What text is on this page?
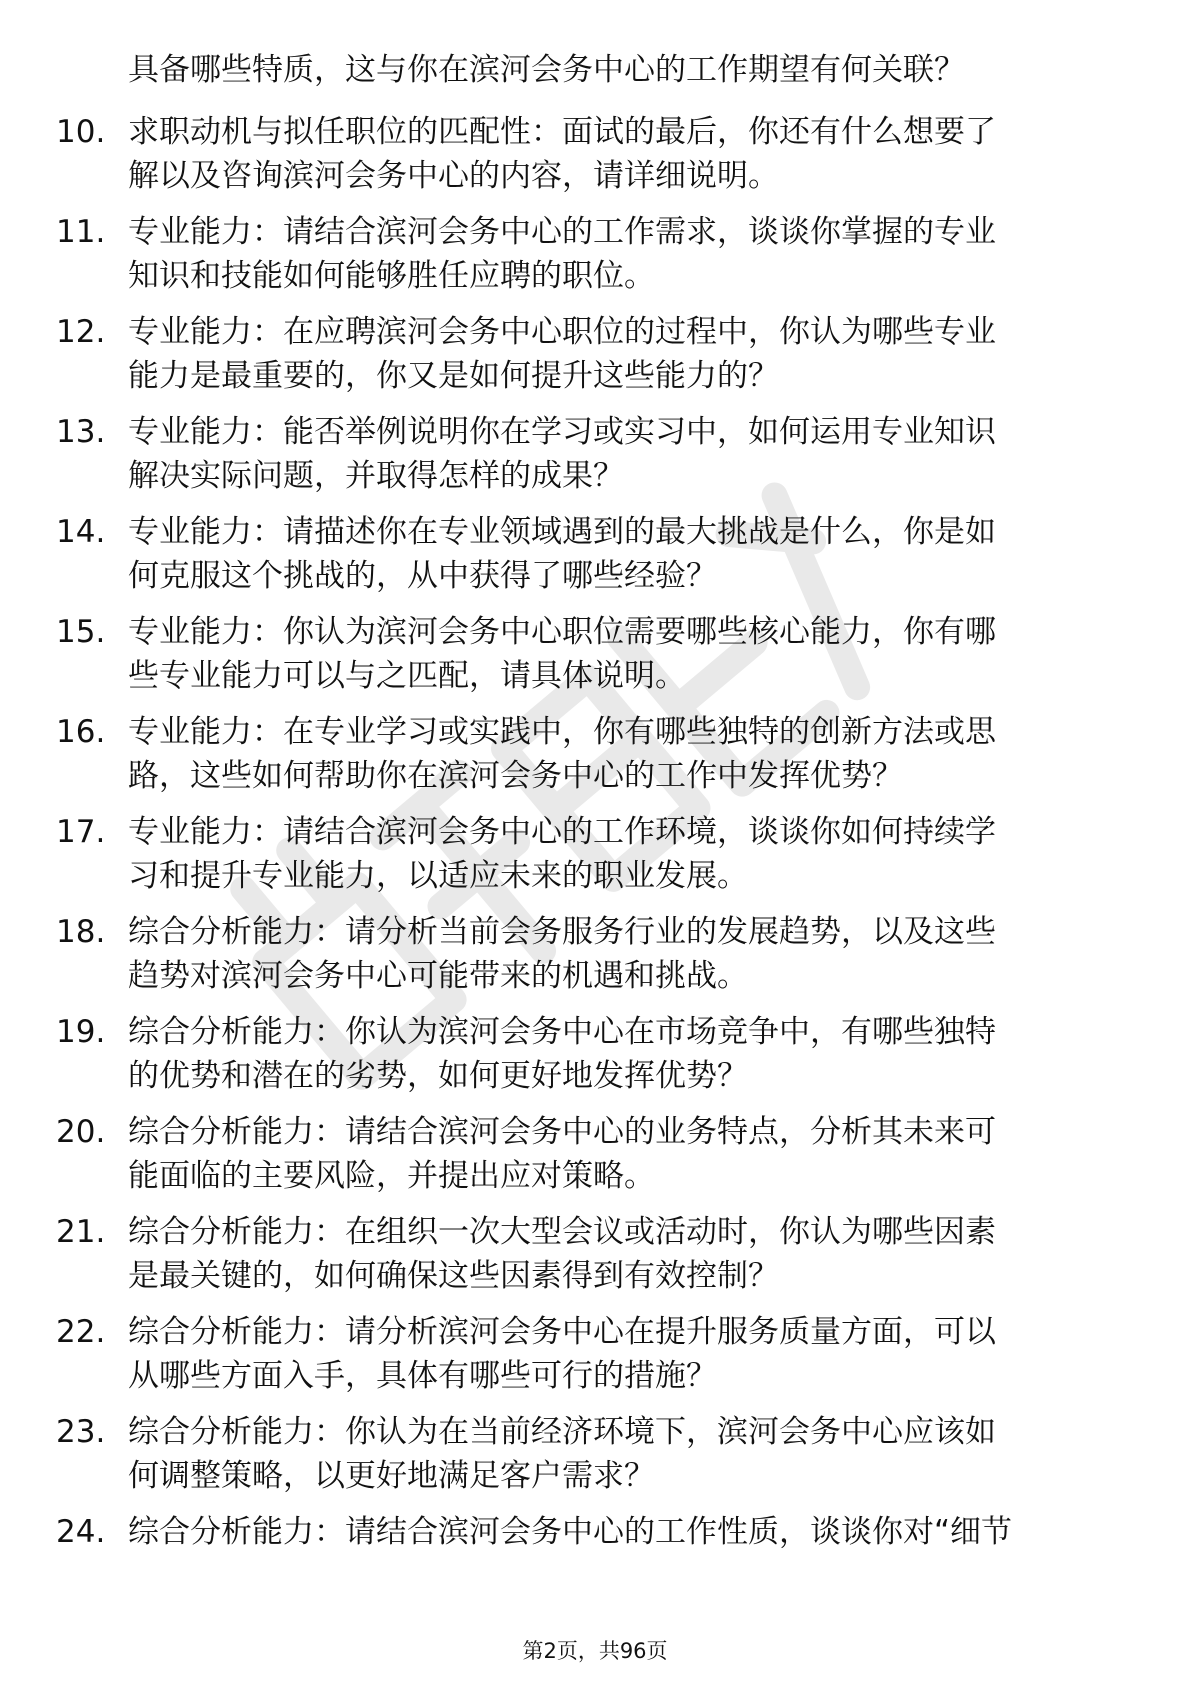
具备哪些特质，这与你在滨河会务中心的工作期望有何关联？

10. 求职动机与拟任职位的匹配性：面试的最后，你还有什么想要了
解以及咨询滨河会务中心的内容，请详细说明。
11. 专业能力：请结合滨河会务中心的工作需求，谈谈你掌握的专业
知识和技能如何能够胜任应聘的职位。
12. 专业能力：在应聘滨河会务中心职位的过程中，你认为哪些专业
能力是最重要的，你又是如何提升这些能力的？
13. 专业能力：能否举例说明你在学习或实习中，如何运用专业知识
解决实际问题，并取得怎样的成果？
14. 专业能力：请描述你在专业领域遇到的最大挑战是什么，你是如
何克服这个挑战的，从中获得了哪些经验？
15. 专业能力：你认为滨河会务中心职位需要哪些核心能力，你有哪
些专业能力可以与之匹配，请具体说明。
16. 专业能力：在专业学习或实践中，你有哪些独特的创新方法或思
路，这些如何帮助你在滨河会务中心的工作中发挥优势？
17. 专业能力：请结合滨河会务中心的工作环境，谈谈你如何持续学
习和提升专业能力，以适应未来的职业发展。
18. 综合分析能力：请分析当前会务服务行业的发展趋势，以及这些
趋势对滨河会务中心可能带来的机遇和挑战。
19. 综合分析能力：你认为滨河会务中心在市场竞争中，有哪些独特
的优势和潜在的劣势，如何更好地发挥优势？
20. 综合分析能力：请结合滨河会务中心的业务特点，分析其未来可
能面临的主要风险，并提出应对策略。
21. 综合分析能力：在组织一次大型会议或活动时，你认为哪些因素
是最关键的，如何确保这些因素得到有效控制？
22. 综合分析能力：请分析滨河会务中心在提升服务质量方面，可以
从哪些方面入手，具体有哪些可行的措施？
23. 综合分析能力：你认为在当前经济环境下，滨河会务中心应该如
何调整策略，以更好地满足客户需求？
24. 综合分析能力：请结合滨河会务中心的工作性质，谈谈你对“细节
第2页，共96页
